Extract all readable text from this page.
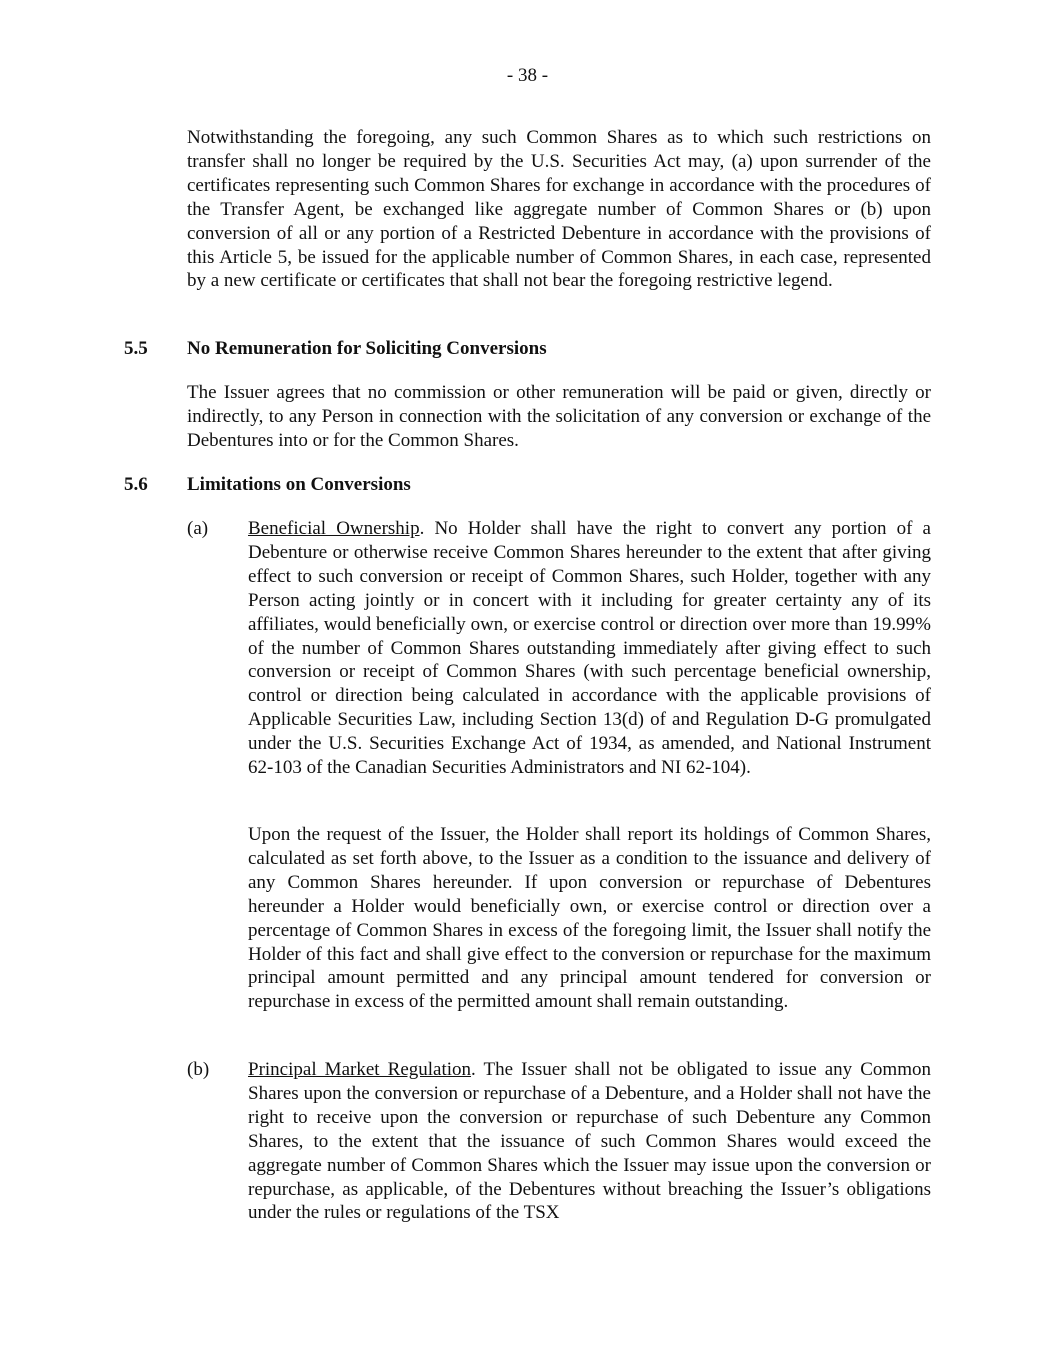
- 38 -

Notwithstanding the foregoing, any such Common Shares as to which such restrictions on transfer shall no longer be required by the U.S. Securities Act may, (a) upon surrender of the certificates representing such Common Shares for exchange in accordance with the procedures of the Transfer Agent, be exchanged like aggregate number of Common Shares or (b) upon conversion of all or any portion of a Restricted Debenture in accordance with the provisions of this Article 5, be issued for the applicable number of Common Shares, in each case, represented by a new certificate or certificates that shall not bear the foregoing restrictive legend.

5.5 No Remuneration for Soliciting Conversions

The Issuer agrees that no commission or other remuneration will be paid or given, directly or indirectly, to any Person in connection with the solicitation of any conversion or exchange of the Debentures into or for the Common Shares.

5.6 Limitations on Conversions
(a) Beneficial Ownership. No Holder shall have the right to convert any portion of a Debenture or otherwise receive Common Shares hereunder to the extent that after giving effect to such conversion or receipt of Common Shares, such Holder, together with any Person acting jointly or in concert with it including for greater certainty any of its affiliates, would beneficially own, or exercise control or direction over more than 19.99% of the number of Common Shares outstanding immediately after giving effect to such conversion or receipt of Common Shares (with such percentage beneficial ownership, control or direction being calculated in accordance with the applicable provisions of Applicable Securities Law, including Section 13(d) of and Regulation D-G promulgated under the U.S. Securities Exchange Act of 1934, as amended, and National Instrument 62-103 of the Canadian Securities Administrators and NI 62-104).

Upon the request of the Issuer, the Holder shall report its holdings of Common Shares, calculated as set forth above, to the Issuer as a condition to the issuance and delivery of any Common Shares hereunder. If upon conversion or repurchase of Debentures hereunder a Holder would beneficially own, or exercise control or direction over a percentage of Common Shares in excess of the foregoing limit, the Issuer shall notify the Holder of this fact and shall give effect to the conversion or repurchase for the maximum principal amount permitted and any principal amount tendered for conversion or repurchase in excess of the permitted amount shall remain outstanding.

(b) Principal Market Regulation. The Issuer shall not be obligated to issue any Common Shares upon the conversion or repurchase of a Debenture, and a Holder shall not have the right to receive upon the conversion or repurchase of such Debenture any Common Shares, to the extent that the issuance of such Common Shares would exceed the aggregate number of Common Shares which the Issuer may issue upon the conversion or repurchase, as applicable, of the Debentures without breaching the Issuer’s obligations under the rules or regulations of the TSX
